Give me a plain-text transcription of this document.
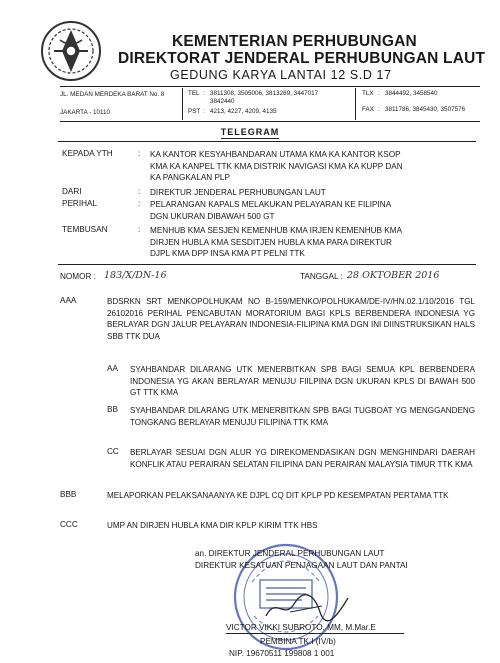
KEMENTERIAN PERHUBUNGAN
DIREKTORAT JENDERAL PERHUBUNGAN LAUT
GEDUNG KARYA LANTAI 12 S.D 17
JL. MEDAN MERDEKA BARAT No. 8
JAKARTA - 10110
TEL : 3811308, 3505006, 3813269, 3447017
3842440
PST : 4213, 4227, 4209, 4135
TLX : 3844492, 3458540
FAX : 3811786, 3845430, 3507576
TELEGRAM
KEPADA YTH	: KA KANTOR KESYAHBANDARAN UTAMA KMA KA KANTOR KSOP
KMA KA KANPEL TTK KMA DISTRIK NAVIGASI KMA KA KUPP DAN
KA PANGKALAN PLP
DARI	: DIREKTUR JENDERAL PERHUBUNGAN LAUT
PERIHAL	: PELARANGAN KAPALS MELAKUKAN PELAYARAN KE FILIPINA
DGN UKURAN DIBAWAH 500 GT
TEMBUSAN	: MENHUB KMA SESJEN KEMENHUB KMA IRJEN KEMENHUB KMA
DIRJEN HUBLA KMA SESDITJEN HUBLA KMA PARA DIREKTUR
DJPL KMA DPP INSA KMA PT PELNI TTK
NOMOR : 183/X/DN-16	TANGGAL : 28 OKTOBER 2016
AAA	BDSRKN SRT MENKOPOLHUKAM NO B-159/MENKO/POLHUKAM/DE-IV/HN.02.1/10/2016 TGL 26102016 PERIHAL PENCABUTAN MORATORIUM BAGI KPLS BERBENDERA INDONESIA YG BERLAYAR DGN JALUR PELAYARAN INDONESIA-FILIPINA KMA DGN INI DIINSTRUKSIKAN HALS SBB TTK DUA
AA SYAHBANDAR DILARANG UTK MENERBITKAN SPB BAGI SEMUA KPL BERBENDERA INDONESIA YG AKAN BERLAYAR MENUJU FIILPINA DGN UKURAN KPLS DI BAWAH 500 GT TTK KMA
BB SYAHBANDAR DILARANG UTK MENERBITKAN SPB BAGI TUGBOAT YG MENGGANDENG TONGKANG BERLAYAR MENUJU FILIPINA TTK KMA
CC BERLAYAR SESUAI DGN ALUR YG DIREKOMENDASIKAN DGN MENGHINDARI DAERAH KONFLIK ATAU PERAIRAN SELATAN FILIPINA DAN PERAIRAN MALAYSIA TIMUR TTK KMA
BBB	MELAPORKAN PELAKSANAANYA KE DJPL CQ DIT KPLP PD KESEMPATAN PERTAMA TTK
CCC	UMP AN DIRJEN HUBLA KMA DIR KPLP KIRIM TTK HBS
an. DIREKTUR JENDERAL PERHUBUNGAN LAUT
DIREKTUR KESATUAN PENJAGAAN LAUT DAN PANTAI
VICTOR VIKKI SUBROTO, MM, M.Mar.E
PEMBINA TK.I (IV/b)
NIP. 19670511 199808 1 001
